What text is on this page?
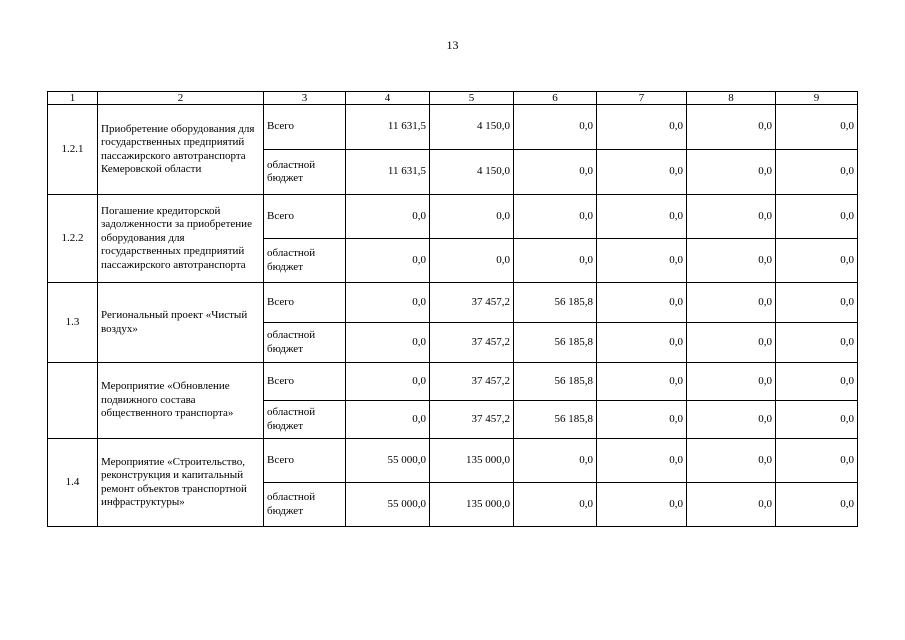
13
1	2	3	4	5	6	7	8	9
1.2.1	Приобретение оборудования для государственных предприятий пассажирского автотранспорта Кемеровской области	Всего	11 631,5	4 150,0	0,0	0,0	0,0	0,0
		областной бюджет	11 631,5	4 150,0	0,0	0,0	0,0	0,0
1.2.2	Погашение кредиторской задолженности за приобретение оборудования для государственных предприятий пассажирского автотранспорта	Всего	0,0	0,0	0,0	0,0	0,0	0,0
		областной бюджет	0,0	0,0	0,0	0,0	0,0	0,0
1.3	Региональный проект «Чистый воздух»	Всего	0,0	37 457,2	56 185,8	0,0	0,0	0,0
		областной бюджет	0,0	37 457,2	56 185,8	0,0	0,0	0,0
	Мероприятие «Обновление подвижного состава общественного транспорта»	Всего	0,0	37 457,2	56 185,8	0,0	0,0	0,0
		областной бюджет	0,0	37 457,2	56 185,8	0,0	0,0	0,0
1.4	Мероприятие «Строительство, реконструкция и капитальный ремонт объектов транспортной инфраструктуры»	Всего	55 000,0	135 000,0	0,0	0,0	0,0	0,0
		областной бюджет	55 000,0	135 000,0	0,0	0,0	0,0	0,0
